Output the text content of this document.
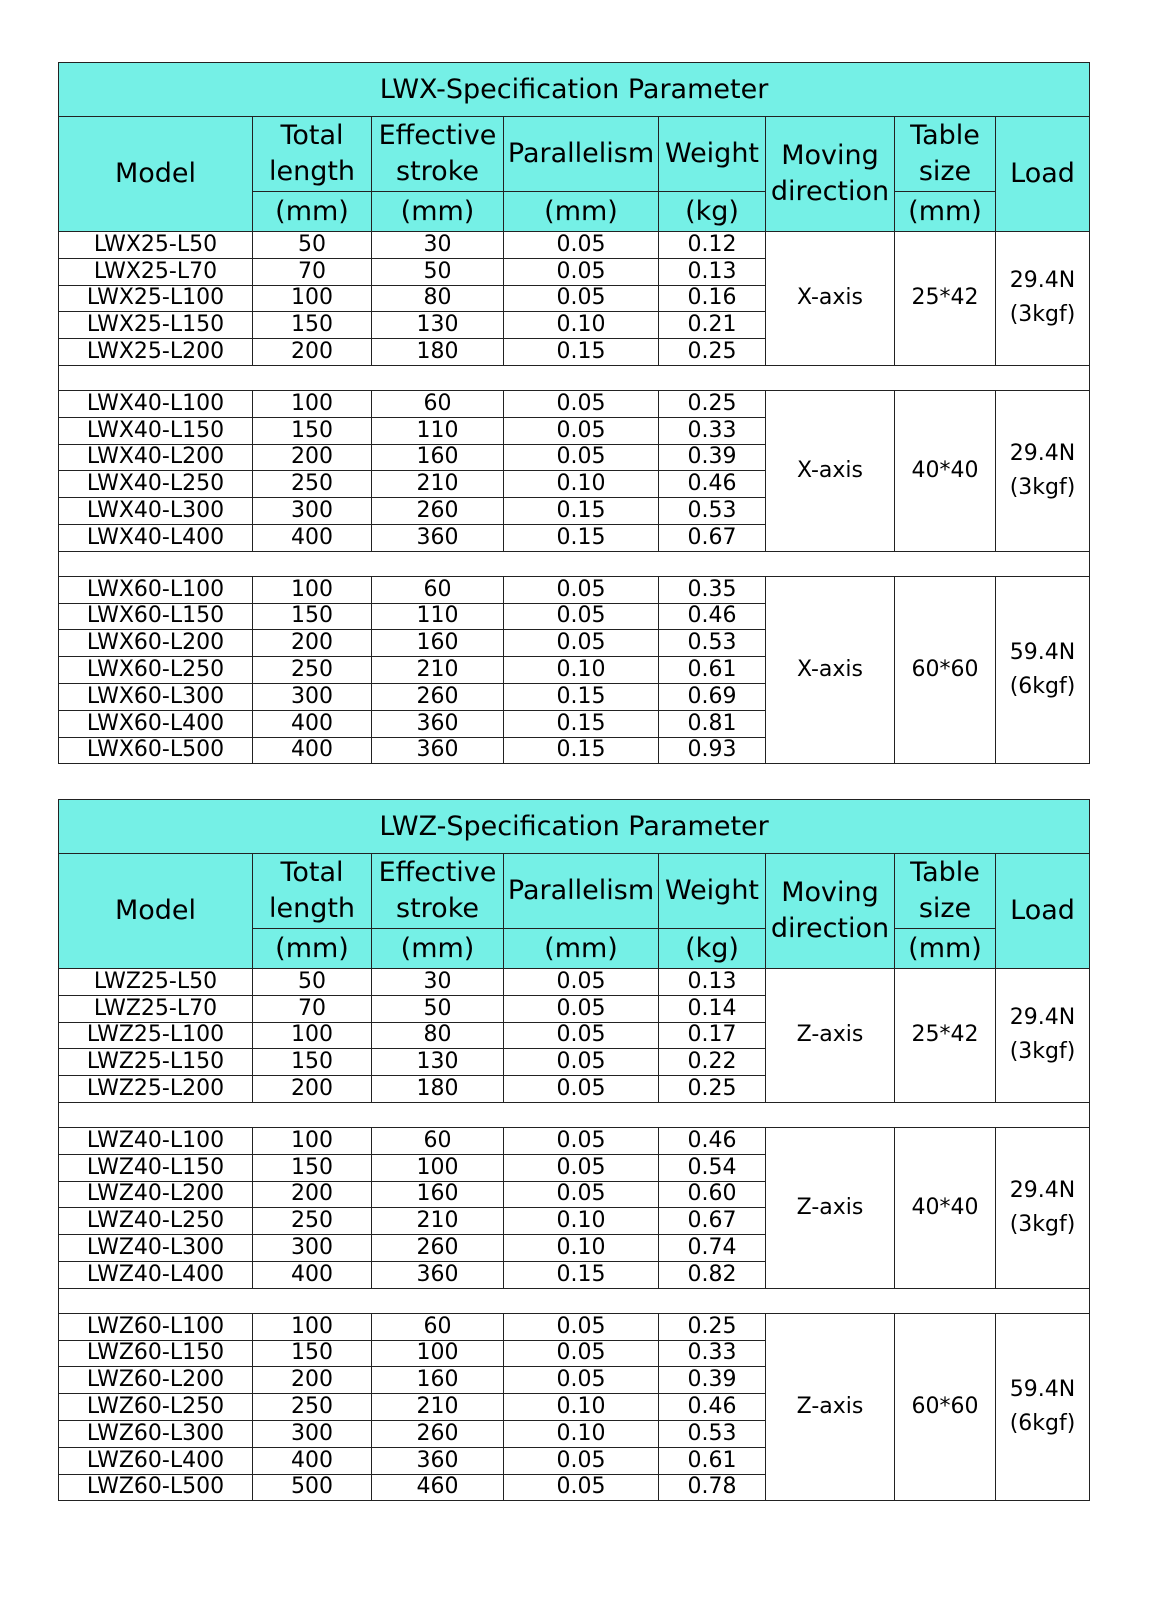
LWX-Specification Parameter							
Model	Total length	Effective stroke	Parallelism	Weight	Moving direction	Table size	Load
	(mm)	(mm)	(mm)	(kg)		(mm)	
LWX25-L50	50	30	0.05	0.12	X-axis	25*42	29.4N
(3kgf)

LWX25-L70	70	50	0.05	0.13			
LWX25-L100	100	80	0.05	0.16			
LWX25-L150	150	130	0.10	0.21			
LWX25-L200	200	180	0.15	0.25			

LWX40-L100	100	60	0.05	0.25	X-axis	40*40	29.4N
(3kgf)

LWX40-L150	150	110	0.05	0.33			
LWX40-L200	200	160	0.05	0.39			
LWX40-L250	250	210	0.10	0.46			
LWX40-L300	300	260	0.15	0.53			
LWX40-L400	400	360	0.15	0.67			

LWX60-L100	100	60	0.05	0.35	X-axis	60*60	59.4N
(6kgf)

LWX60-L150	150	110	0.05	0.46			
LWX60-L200	200	160	0.05	0.53			
LWX60-L250	250	210	0.10	0.61			
LWX60-L300	300	260	0.15	0.69			
LWX60-L400	400	360	0.15	0.81			
LWX60-L500	400	360	0.15	0.93			
LWZ-Specification Parameter							
Model	Total length	Effective stroke	Parallelism	Weight	Moving direction	Table size	Load
	(mm)	(mm)	(mm)	(kg)		(mm)	
LWZ25-L50	50	30	0.05	0.13	Z-axis	25*42	29.4N
(3kgf)

LWZ25-L70	70	50	0.05	0.14			
LWZ25-L100	100	80	0.05	0.17			
LWZ25-L150	150	130	0.05	0.22			
LWZ25-L200	200	180	0.05	0.25			

LWZ40-L100	100	60	0.05	0.46	Z-axis	40*40	29.4N
(3kgf)

LWZ40-L150	150	100	0.05	0.54			
LWZ40-L200	200	160	0.05	0.60			
LWZ40-L250	250	210	0.10	0.67			
LWZ40-L300	300	260	0.10	0.74			
LWZ40-L400	400	360	0.15	0.82			

LWZ60-L100	100	60	0.05	0.25	Z-axis	60*60	59.4N
(6kgf)

LWZ60-L150	150	100	0.05	0.33			
LWZ60-L200	200	160	0.05	0.39			
LWZ60-L250	250	210	0.10	0.46			
LWZ60-L300	300	260	0.10	0.53			
LWZ60-L400	400	360	0.05	0.61			
LWZ60-L500	500	460	0.05	0.78			
